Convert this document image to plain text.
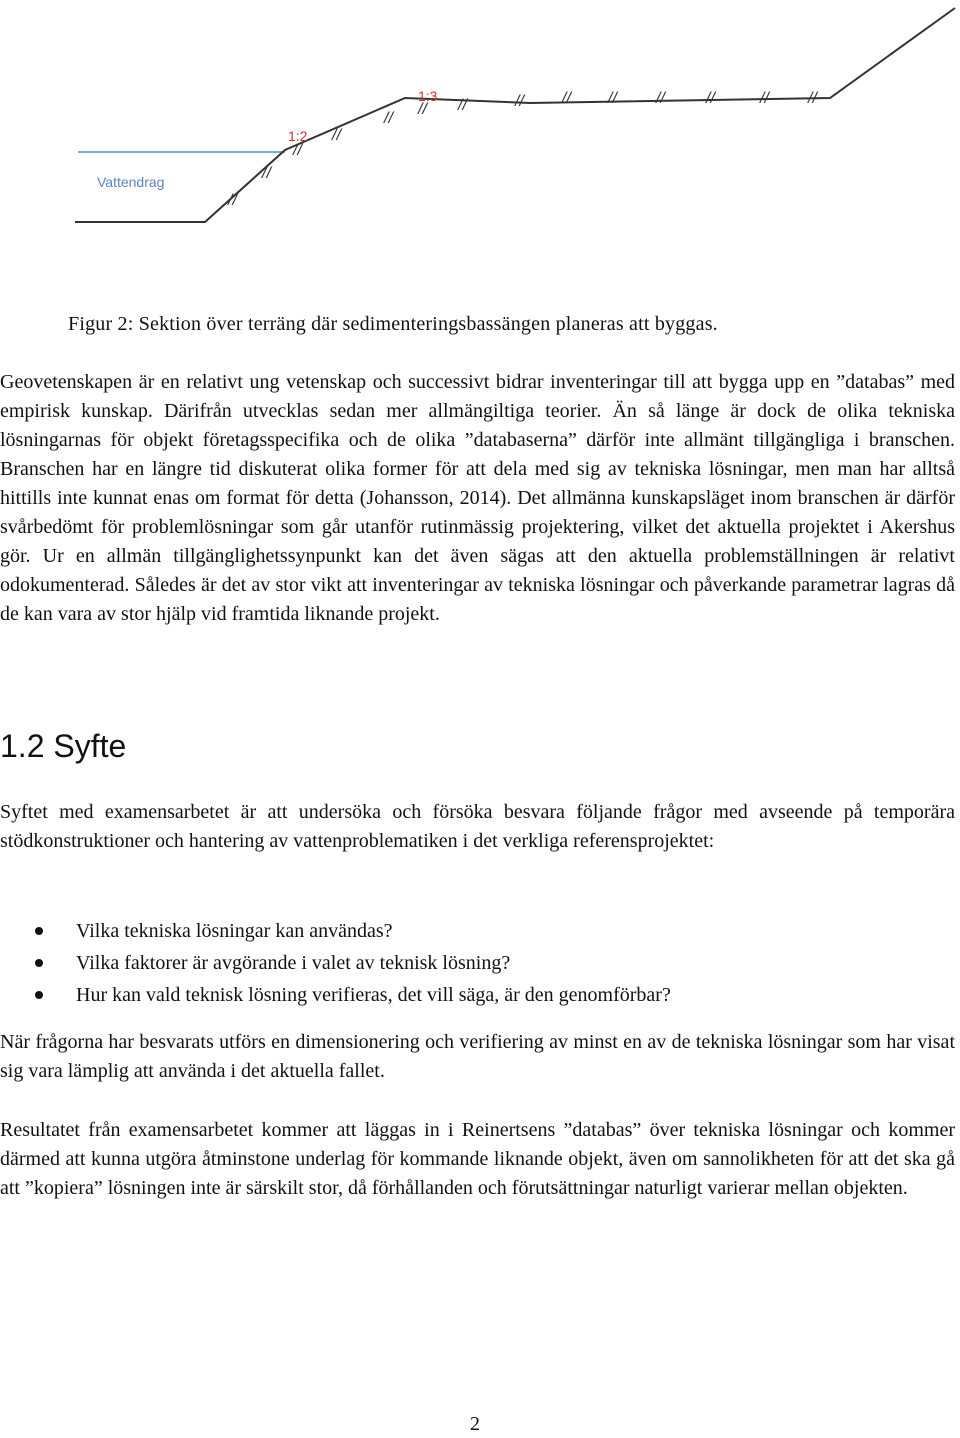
//
//
//
//
//
// //	// // // //	//	// //
Vattendrag
1:2
1:3
Figur 2: Sektion över terräng där sedimenteringsbassängen planeras att byggas.

Geovetenskapen är en relativt ung vetenskap och successivt bidrar inventeringar till att bygga upp en ”databas” med empirisk kunskap. Därifrån utvecklas sedan mer allmängiltiga teorier. Än så länge är dock de olika tekniska lösningarnas för objekt företagsspecifika och de olika ”databaserna” därför inte allmänt tillgängliga i branschen. Branschen har en längre tid diskuterat olika former för att dela med sig av tekniska lösningar, men man har alltså hittills inte kunnat enas om format för detta (Johansson, 2014). Det allmänna kunskapsläget inom branschen är därför svårbedömt för problemlösningar som går utanför rutinmässig projektering, vilket det aktuella projektet i Akershus gör. Ur en allmän tillgänglighetssynpunkt kan det även sägas att den aktuella problemställningen är relativt odokumenterad. Således är det av stor vikt att inventeringar av tekniska lösningar och påverkande parametrar lagras då de kan vara av stor hjälp vid framtida liknande projekt.

1.2 Syfte

Syftet med examensarbetet är att undersöka och försöka besvara följande frågor med avseende på temporära stödkonstruktioner och hantering av vattenproblematiken i det verkliga referensprojektet:

Vilka tekniska lösningar kan användas?
Vilka faktorer är avgörande i valet av teknisk lösning?
Hur kan vald teknisk lösning verifieras, det vill säga, är den genomförbar?

När frågorna har besvarats utförs en dimensionering och verifiering av minst en av de tekniska lösningar som har visat sig vara lämplig att använda i det aktuella fallet.

Resultatet från examensarbetet kommer att läggas in i Reinertsens ”databas” över tekniska lösningar och kommer därmed att kunna utgöra åtminstone underlag för kommande liknande objekt, även om sannolikheten för att det ska gå att ”kopiera” lösningen inte är särskilt stor, då förhållanden och förutsättningar naturligt varierar mellan objekten.

2
